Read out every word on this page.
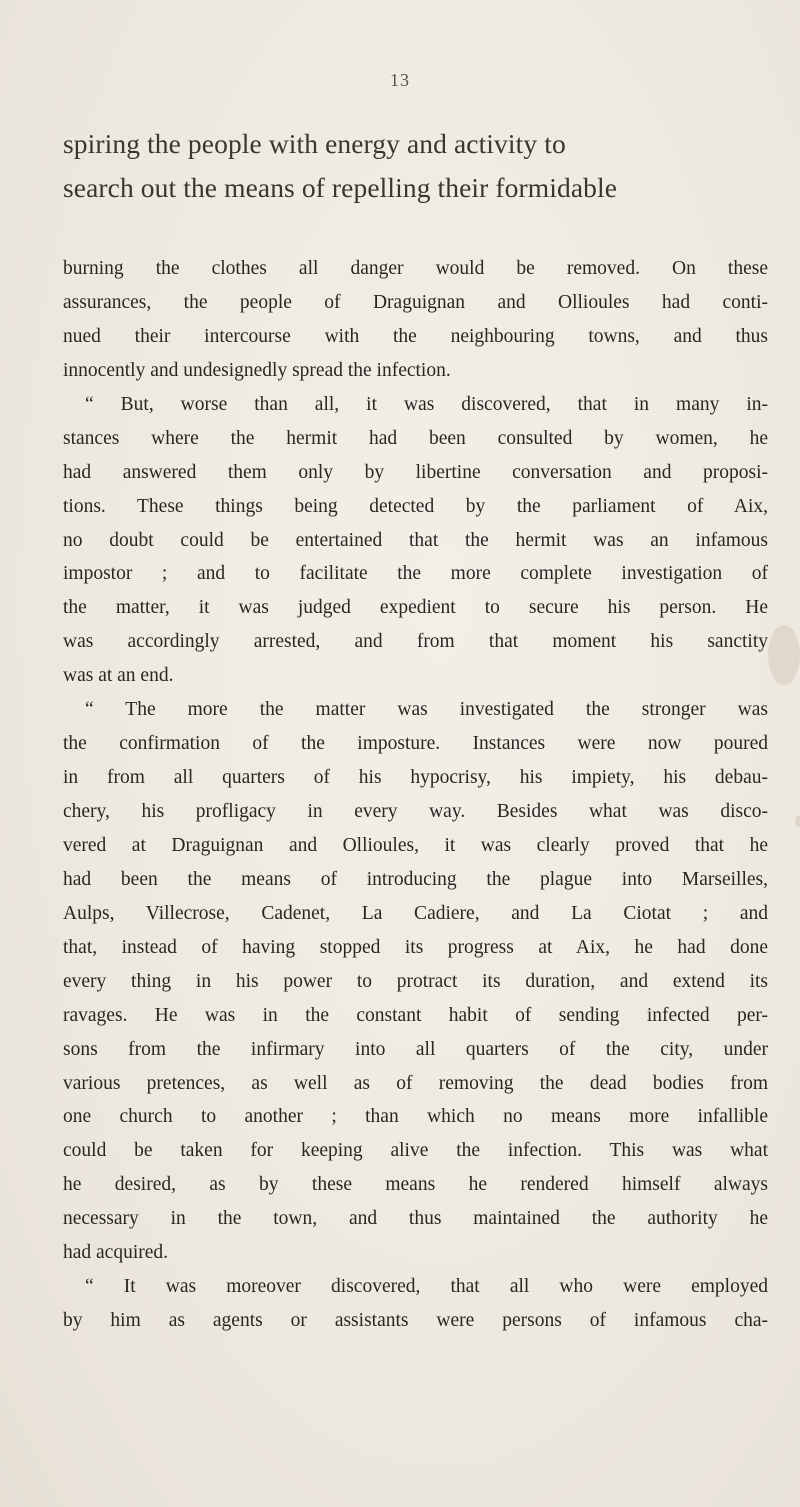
13
spiring the people with energy and activity to
search out the means of repelling their formidable
burning the clothes all danger would be removed. On these
assurances, the people of Draguignan and Ollioules had conti-
nued their intercourse with the neighbouring towns, and thus
innocently and undesignedly spread the infection.
“ But, worse than all, it was discovered, that in many in-
stances where the hermit had been consulted by women, he
had answered them only by libertine conversation and proposi-
tions. These things being detected by the parliament of Aix,
no doubt could be entertained that the hermit was an infamous
impostor ; and to facilitate the more complete investigation of
the matter, it was judged expedient to secure his person. He
was accordingly arrested, and from that moment his sanctity
was at an end.
“ The more the matter was investigated the stronger was
the confirmation of the imposture. Instances were now poured
in from all quarters of his hypocrisy, his impiety, his debau-
chery, his profligacy in every way. Besides what was disco-
vered at Draguignan and Ollioules, it was clearly proved that he
had been the means of introducing the plague into Marseilles,
Aulps, Villecrose, Cadenet, La Cadiere, and La Ciotat ; and
that, instead of having stopped its progress at Aix, he had done
every thing in his power to protract its duration, and extend its
ravages. He was in the constant habit of sending infected per-
sons from the infirmary into all quarters of the city, under
various pretences, as well as of removing the dead bodies from
one church to another ; than which no means more infallible
could be taken for keeping alive the infection. This was what
he desired, as by these means he rendered himself always
necessary in the town, and thus maintained the authority he
had acquired.
“ It was moreover discovered, that all who were employed
by him as agents or assistants were persons of infamous cha-
